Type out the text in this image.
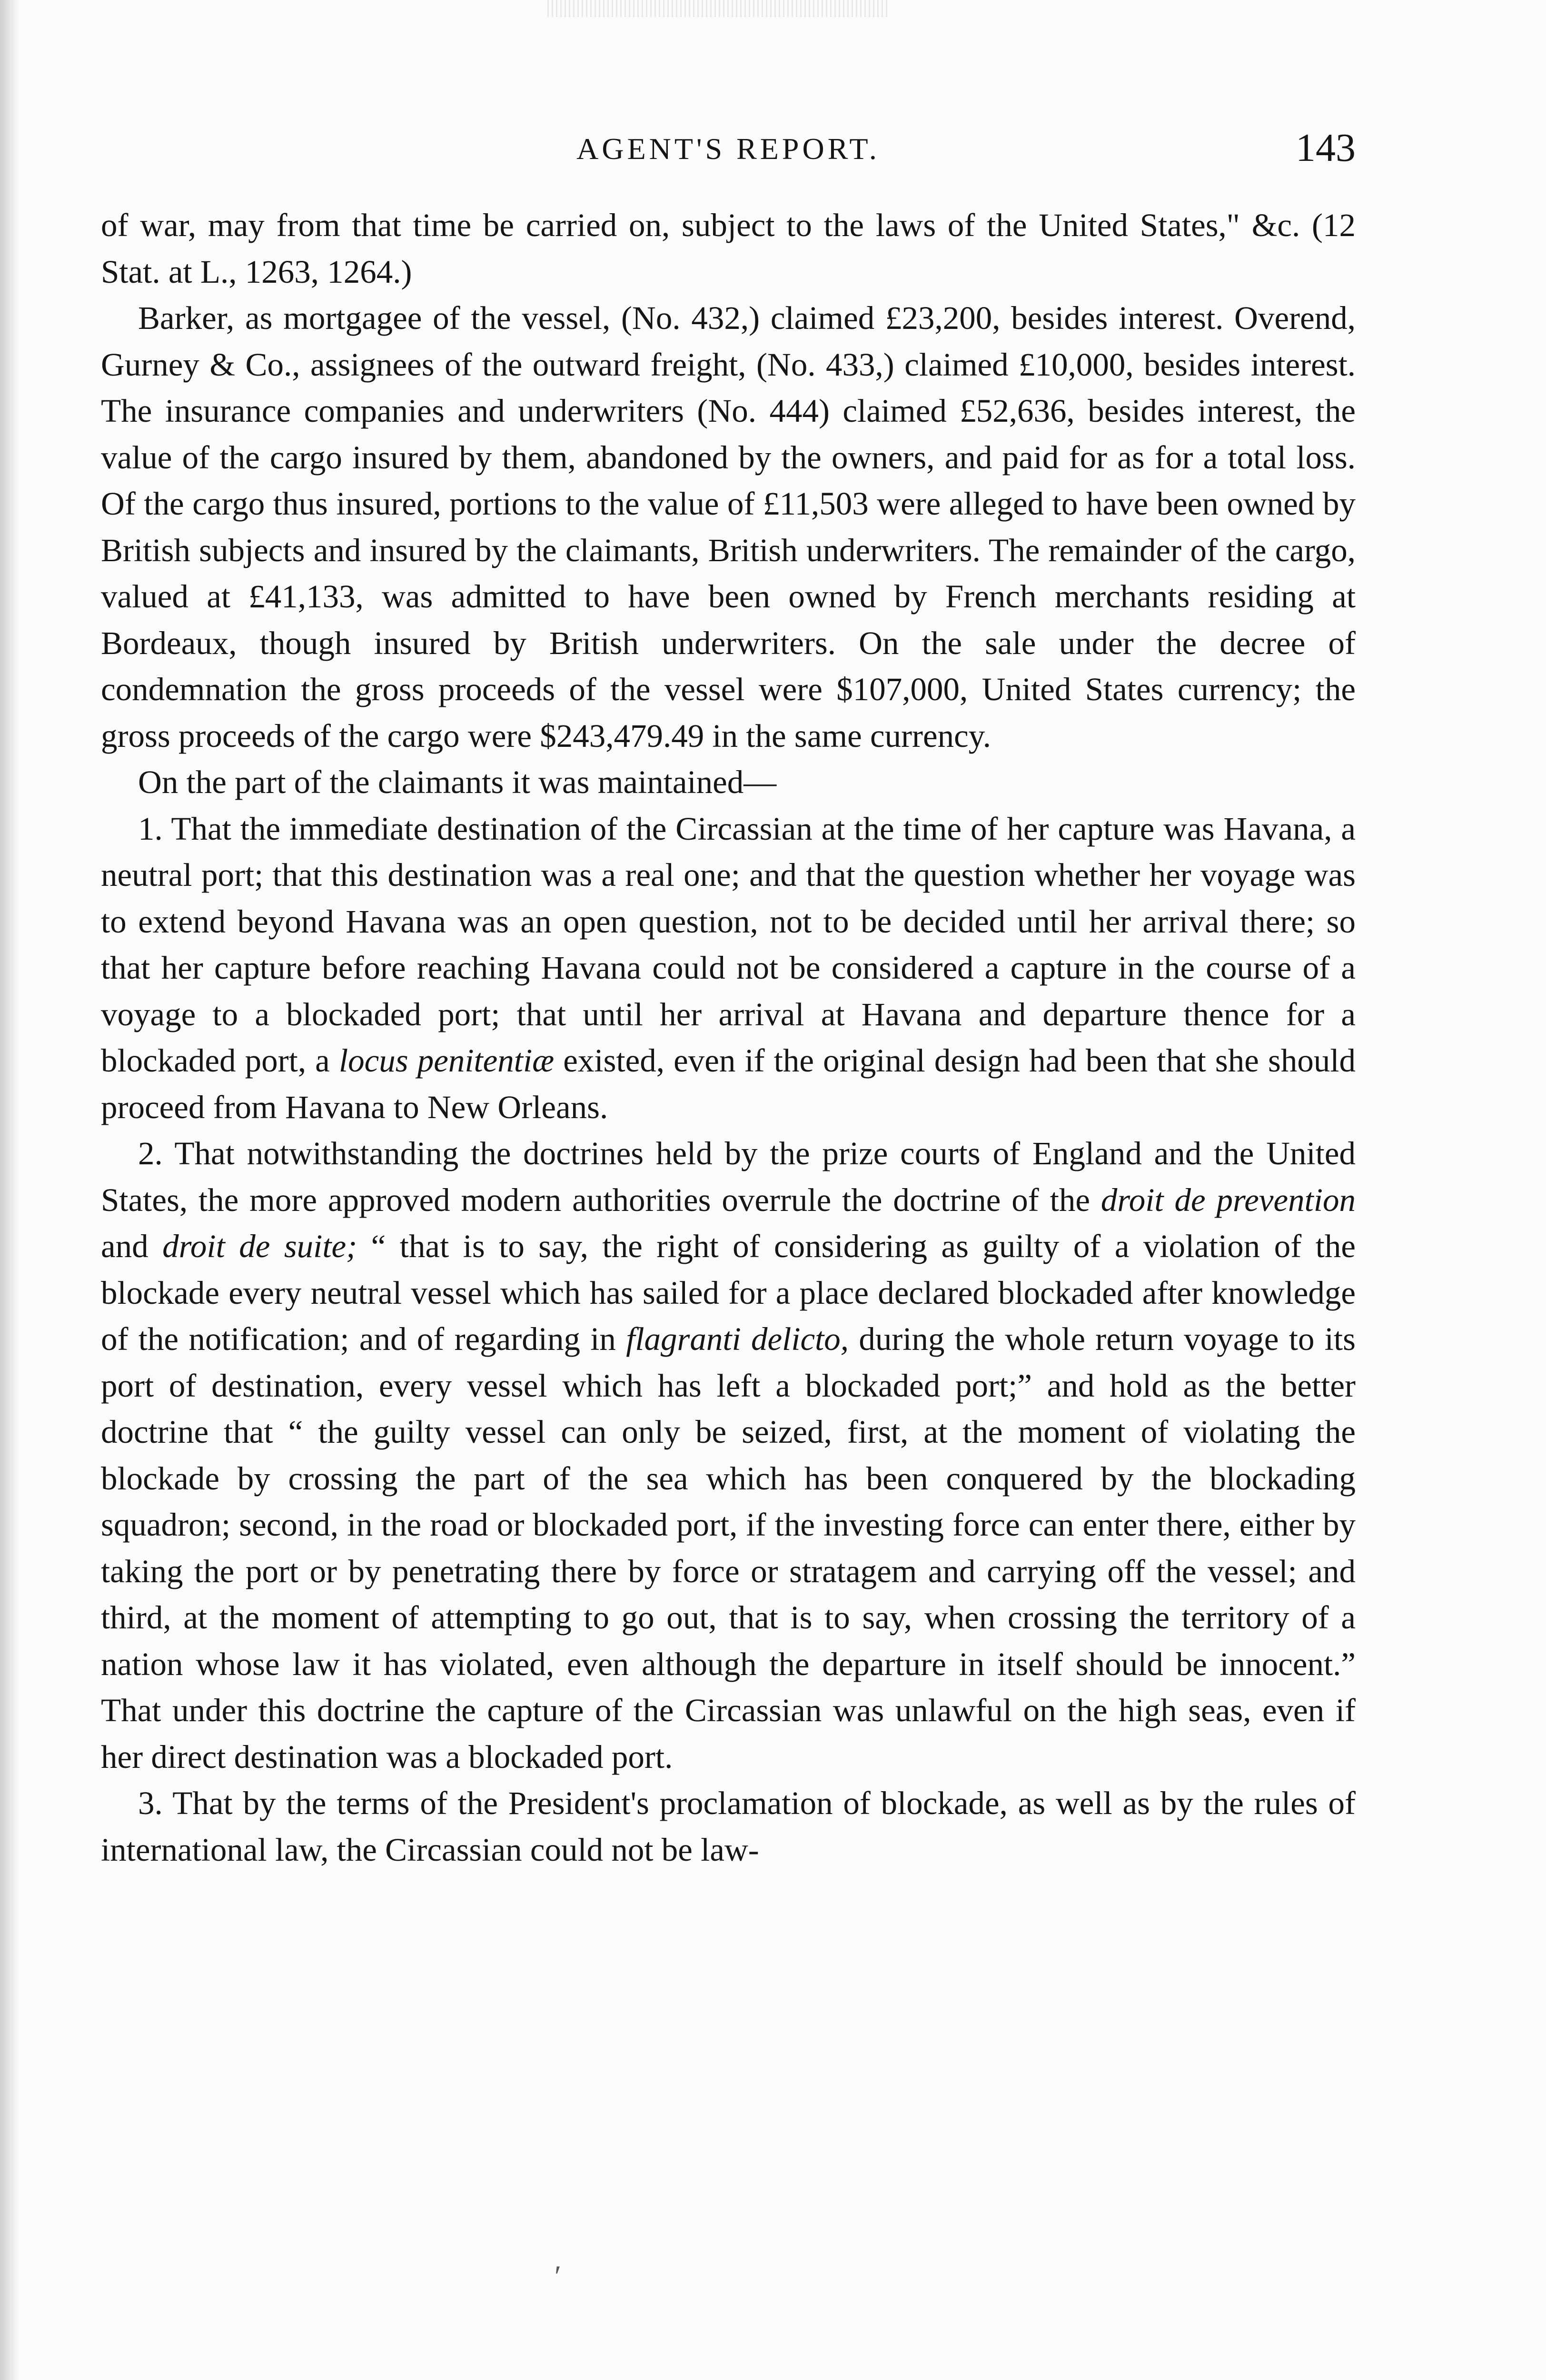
AGENT'S REPORT.	143

of war, may from that time be carried on, subject to the laws of the United States," &c. (12 Stat. at L., 1263, 1264.)

Barker, as mortgagee of the vessel, (No. 432,) claimed £23,200, besides interest. Overend, Gurney & Co., assignees of the outward freight, (No. 433,) claimed £10,000, besides interest. The insurance companies and underwriters (No. 444) claimed £52,636, besides interest, the value of the cargo insured by them, abandoned by the owners, and paid for as for a total loss. Of the cargo thus insured, portions to the value of £11,503 were alleged to have been owned by British subjects and insured by the claimants, British underwriters. The remainder of the cargo, valued at £41,133, was admitted to have been owned by French merchants residing at Bordeaux, though insured by British underwriters. On the sale under the decree of condemnation the gross proceeds of the vessel were $107,000, United States currency; the gross proceeds of the cargo were $243,479.49 in the same currency.

On the part of the claimants it was maintained—

1. That the immediate destination of the Circassian at the time of her capture was Havana, a neutral port; that this destination was a real one; and that the question whether her voyage was to extend beyond Havana was an open question, not to be decided until her arrival there; so that her capture before reaching Havana could not be considered a capture in the course of a voyage to a blockaded port; that until her arrival at Havana and departure thence for a blockaded port, a locus penitentiæ existed, even if the original design had been that she should proceed from Havana to New Orleans.

2. That notwithstanding the doctrines held by the prize courts of England and the United States, the more approved modern authorities overrule the doctrine of the droit de prevention and droit de suite; “ that is to say, the right of considering as guilty of a violation of the blockade every neutral vessel which has sailed for a place declared blockaded after knowledge of the notification; and of regarding in flagranti delicto, during the whole return voyage to its port of destination, every vessel which has left a blockaded port;” and hold as the better doctrine that “ the guilty vessel can only be seized, first, at the moment of violating the blockade by crossing the part of the sea which has been conquered by the blockading squadron; second, in the road or blockaded port, if the investing force can enter there, either by taking the port or by penetrating there by force or stratagem and carrying off the vessel; and third, at the moment of attempting to go out, that is to say, when crossing the territory of a nation whose law it has violated, even although the departure in itself should be innocent.” That under this doctrine the capture of the Circassian was unlawful on the high seas, even if her direct destination was a blockaded port.

3. That by the terms of the President's proclamation of blockade, as well as by the rules of international law, the Circassian could not be law-

′
